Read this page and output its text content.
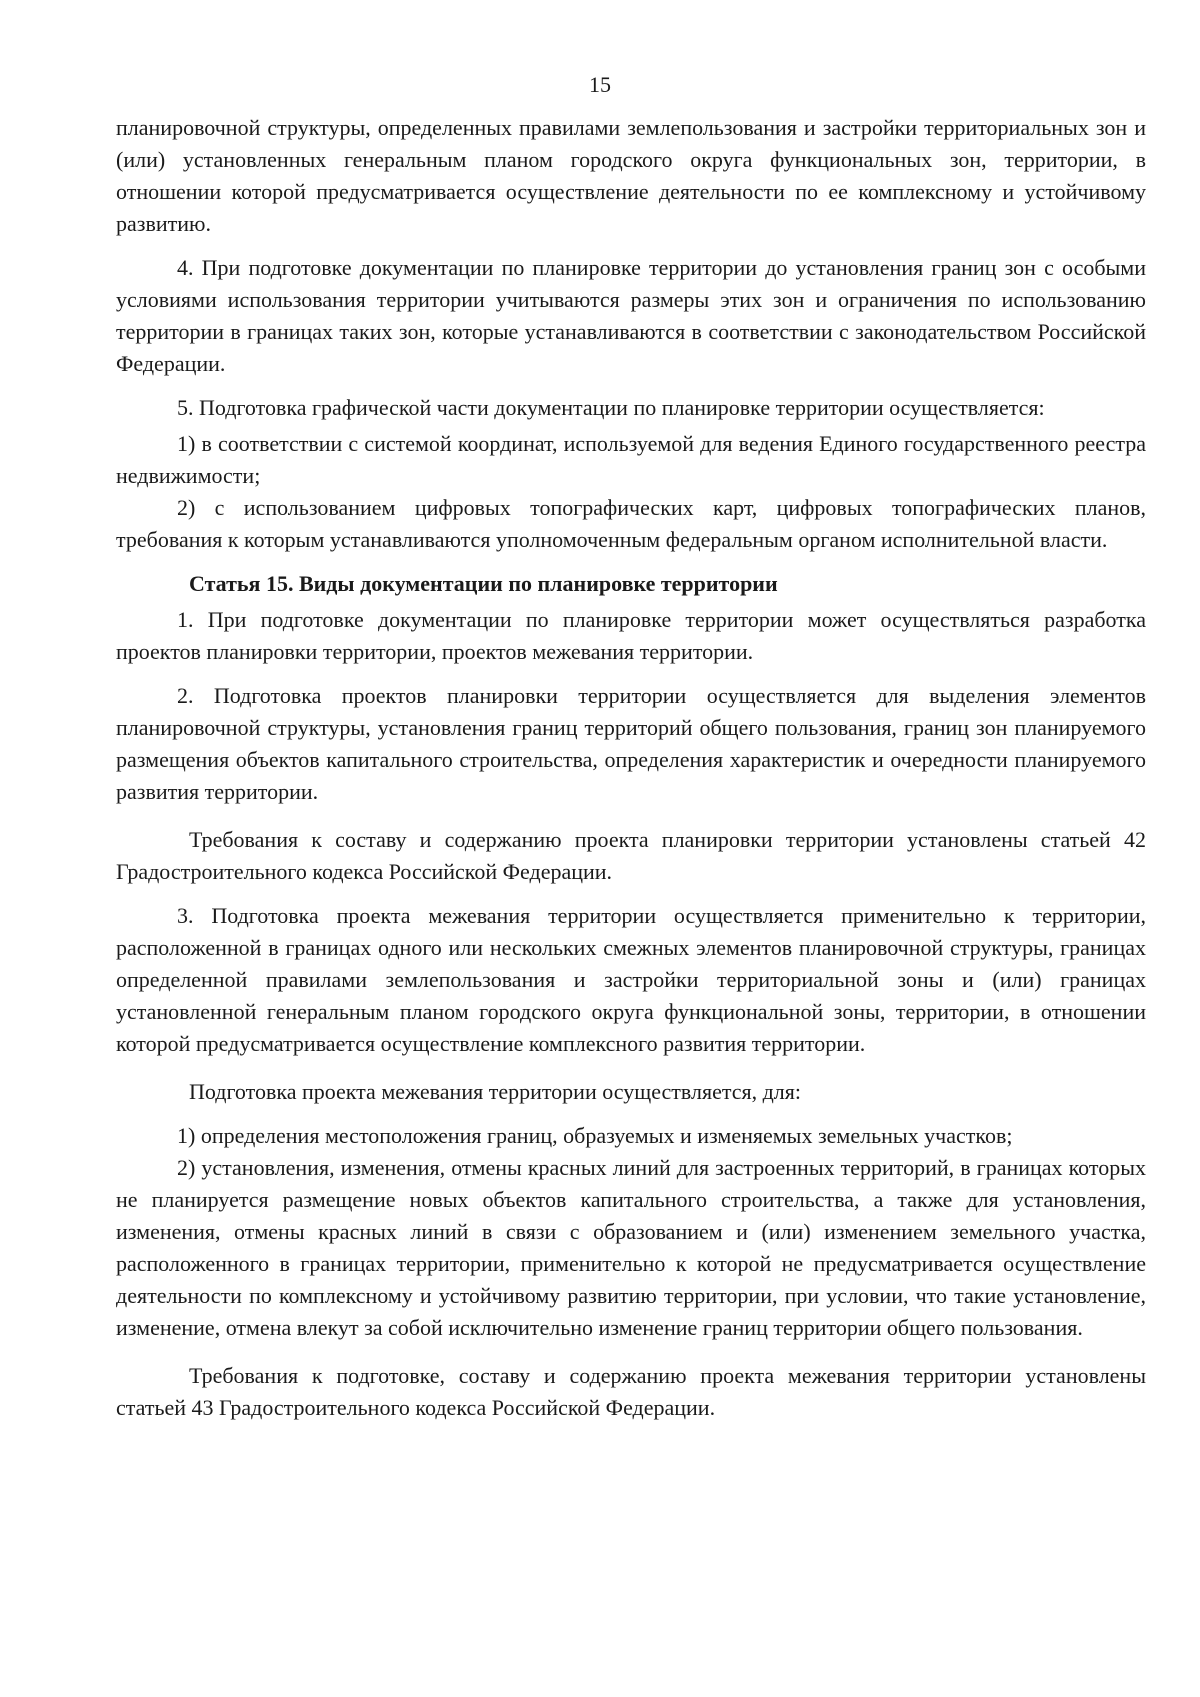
15

планировочной структуры, определенных правилами землепользования и застройки территориальных зон и (или) установленных генеральным планом городского округа функциональных зон, территории, в отношении которой предусматривается осуществление деятельности по ее комплексному и устойчивому развитию.

4. При подготовке документации по планировке территории до установления границ зон с особыми условиями использования территории учитываются размеры этих зон и ограничения по использованию территории в границах таких зон, которые устанавливаются в соответствии с законодательством Российской Федерации.

5. Подготовка графической части документации по планировке территории осуществляется:

1) в соответствии с системой координат, используемой для ведения Единого государственного реестра недвижимости;

2) с использованием цифровых топографических карт, цифровых топографических планов, требования к которым устанавливаются уполномоченным федеральным органом исполнительной власти.

Статья 15. Виды документации по планировке территории

1. При подготовке документации по планировке территории может осуществляться разработка проектов планировки территории, проектов межевания территории.

2. Подготовка проектов планировки территории осуществляется для выделения элементов планировочной структуры, установления границ территорий общего пользования, границ зон планируемого размещения объектов капитального строительства, определения характеристик и очередности планируемого развития территории.

Требования к составу и содержанию проекта планировки территории установлены статьей 42 Градостроительного кодекса Российской Федерации.

3. Подготовка проекта межевания территории осуществляется применительно к территории, расположенной в границах одного или нескольких смежных элементов планировочной структуры, границах определенной правилами землепользования и застройки территориальной зоны и (или) границах установленной генеральным планом городского округа функциональной зоны, территории, в отношении которой предусматривается осуществление комплексного развития территории.

Подготовка проекта межевания территории осуществляется, для:

1) определения местоположения границ, образуемых и изменяемых земельных участков;

2) установления, изменения, отмены красных линий для застроенных территорий, в границах которых не планируется размещение новых объектов капитального строительства, а также для установления, изменения, отмены красных линий в связи с образованием и (или) изменением земельного участка, расположенного в границах территории, применительно к которой не предусматривается осуществление деятельности по комплексному и устойчивому развитию территории, при условии, что такие установление, изменение, отмена влекут за собой исключительно изменение границ территории общего пользования.

Требования к подготовке, составу и содержанию проекта межевания территории установлены статьей 43 Градостроительного кодекса Российской Федерации.
